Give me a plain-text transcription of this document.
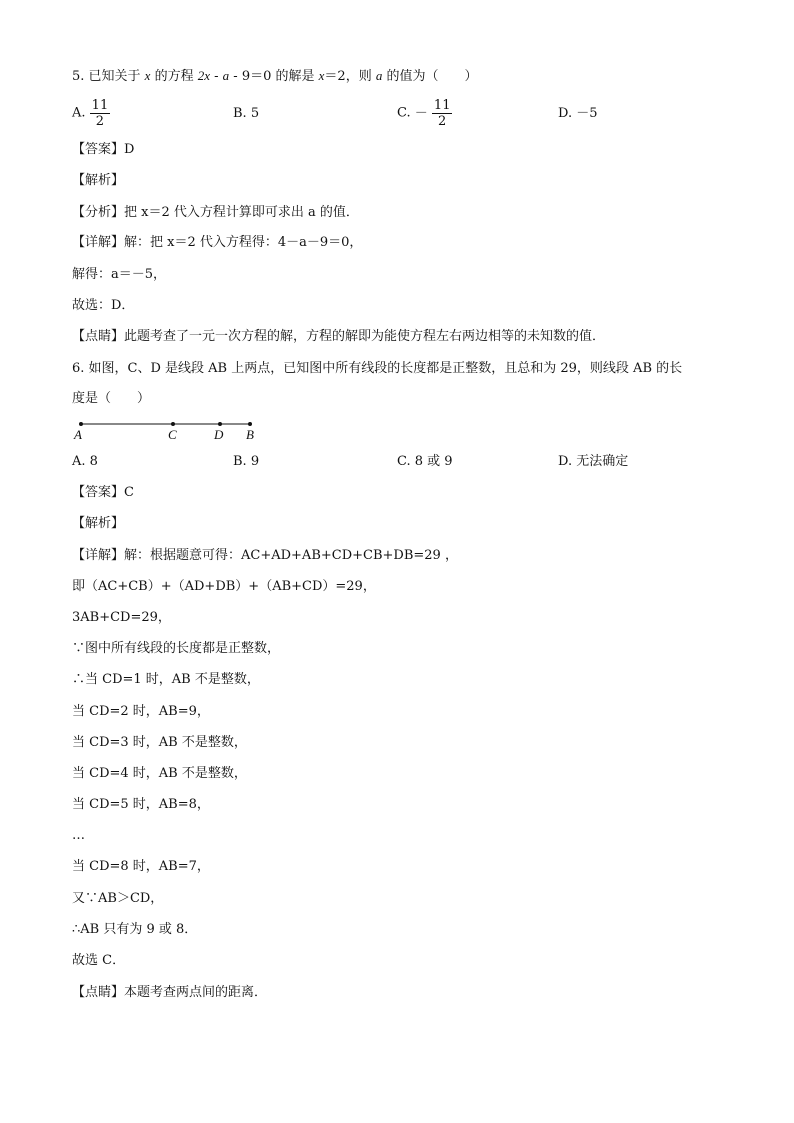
5. 已知关于 x 的方程 2x - a - 9＝0 的解是 x＝2，则 a 的值为（　　）
A. $\frac{11}{2}$	B. 5	C. － $\frac{11}{2}$	D. －5
【答案】D
【解析】
【分析】把 x＝2 代入方程计算即可求出 a 的值．
【详解】解：把 x＝2 代入方程得：4－a－9＝0，
解得：a＝－5，
故选：D．
【点睛】此题考查了一元一次方程的解，方程的解即为能使方程左右两边相等的未知数的值．
6. 如图，C、D 是线段 AB 上两点，已知图中所有线段的长度都是正整数，且总和为 29，则线段 AB 的长
度是（　　）
A	C	D B
A. 8	B. 9	C. 8 或 9	D. 无法确定
【答案】C
【解析】
【详解】解：根据题意可得：AC+AD+AB+CD+CB+DB=29 ，
即（AC+CB）+（AD+DB）+（AB+CD）=29，
3AB+CD=29，
∵图中所有线段的长度都是正整数，
∴当 CD=1 时，AB 不是整数，
当 CD=2 时，AB=9，
当 CD=3 时，AB 不是整数，
当 CD=4 时，AB 不是整数，
当 CD=5 时，AB=8，
…
当 CD=8 时，AB=7，
又∵AB＞CD，
∴AB 只有为 9 或 8．
故选 C．
【点睛】本题考查两点间的距离．
